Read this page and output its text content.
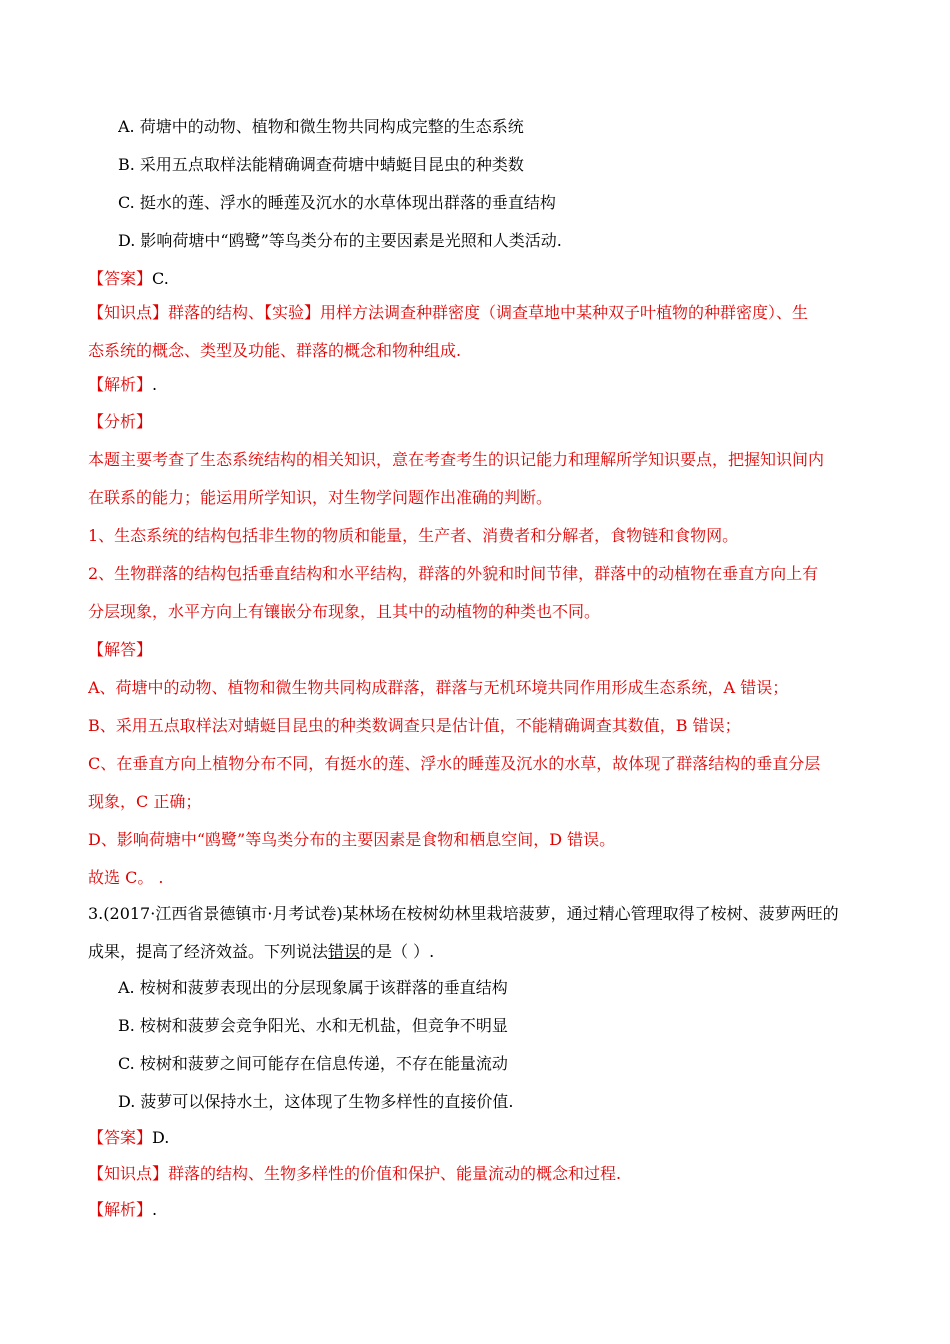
A. 荷塘中的动物、植物和微生物共同构成完整的生态系统
B. 采用五点取样法能精确调查荷塘中蜻蜓目昆虫的种类数
C. 挺水的莲、浮水的睡莲及沉水的水草体现出群落的垂直结构
D. 影响荷塘中“鸥鹭”等鸟类分布的主要因素是光照和人类活动.
【答案】C.
【知识点】群落的结构、【实验】用样方法调查种群密度（调查草地中某种双子叶植物的种群密度）、生
态系统的概念、类型及功能、群落的概念和物种组成.
【解析】.
【分析】
本题主要考查了生态系统结构的相关知识，意在考查考生的识记能力和理解所学知识要点，把握知识间内
在联系的能力；能运用所学知识，对生物学问题作出准确的判断。
1、生态系统的结构包括非生物的物质和能量，生产者、消费者和分解者，食物链和食物网。
2、生物群落的结构包括垂直结构和水平结构，群落的外貌和时间节律，群落中的动植物在垂直方向上有
分层现象，水平方向上有镶嵌分布现象，且其中的动植物的种类也不同。
【解答】
A、荷塘中的动物、植物和微生物共同构成群落，群落与无机环境共同作用形成生态系统，A 错误；
B、采用五点取样法对蜻蜓目昆虫的种类数调查只是估计值，不能精确调查其数值，B 错误；
C、在垂直方向上植物分布不同，有挺水的莲、浮水的睡莲及沉水的水草，故体现了群落结构的垂直分层
现象，C 正确；
D、影响荷塘中“鸥鹭”等鸟类分布的主要因素是食物和栖息空间，D 错误。
故选 C。 .
3.(2017·江西省景德镇市·月考试卷)某林场在桉树幼林里栽培菠萝，通过精心管理取得了桉树、菠萝两旺的
成果，提高了经济效益。下列说法错误的是（ ）.
A. 桉树和菠萝表现出的分层现象属于该群落的垂直结构
B. 桉树和菠萝会竞争阳光、水和无机盐，但竞争不明显
C. 桉树和菠萝之间可能存在信息传递，不存在能量流动
D. 菠萝可以保持水土，这体现了生物多样性的直接价值.
【答案】D.
【知识点】群落的结构、生物多样性的价值和保护、能量流动的概念和过程.
【解析】.
